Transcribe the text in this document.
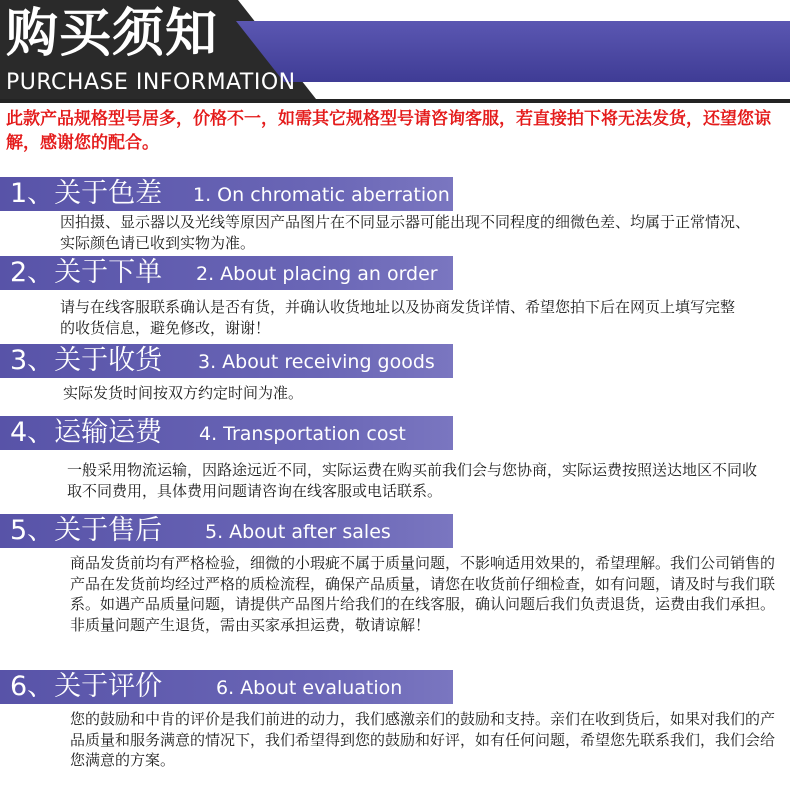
购买须知
PURCHASE INFORMATION
此款产品规格型号居多，价格不一，如需其它规格型号请咨询客服，若直接拍下将无法发货，还望您谅解，感谢您的配合。
1、关于色差 1. On chromatic aberration
因拍摄、显示器以及光线等原因产品图片在不同显示器可能出现不同程度的细微色差、均属于正常情况、实际颜色请已收到实物为准。
2、关于下单 2. About placing an order
请与在线客服联系确认是否有货，并确认收货地址以及协商发货详情、希望您拍下后在网页上填写完整的收货信息，避免修改，谢谢！
3、关于收货 3. About receiving goods
实际发货时间按双方约定时间为准。
4、运输运费 4. Transportation cost
一般采用物流运输，因路途远近不同，实际运费在购买前我们会与您协商，实际运费按照送达地区不同收取不同费用，具体费用问题请咨询在线客服或电话联系。
5、关于售后 5. About after sales
商品发货前均有严格检验，细微的小瑕疵不属于质量问题，不影响适用效果的，希望理解。我们公司销售的产品在发货前均经过严格的质检流程，确保产品质量，请您在收货前仔细检查，如有问题，请及时与我们联系。如遇产品质量问题，请提供产品图片给我们的在线客服，确认问题后我们负责退货，运费由我们承担。非质量问题产生退货，需由买家承担运费，敬请谅解！
6、关于评价	6. About evaluation
您的鼓励和中肯的评价是我们前进的动力，我们感激亲们的鼓励和支持。亲们在收到货后，如果对我们的产品质量和服务满意的情况下，我们希望得到您的鼓励和好评，如有任何问题，希望您先联系我们，我们会给您满意的方案。
